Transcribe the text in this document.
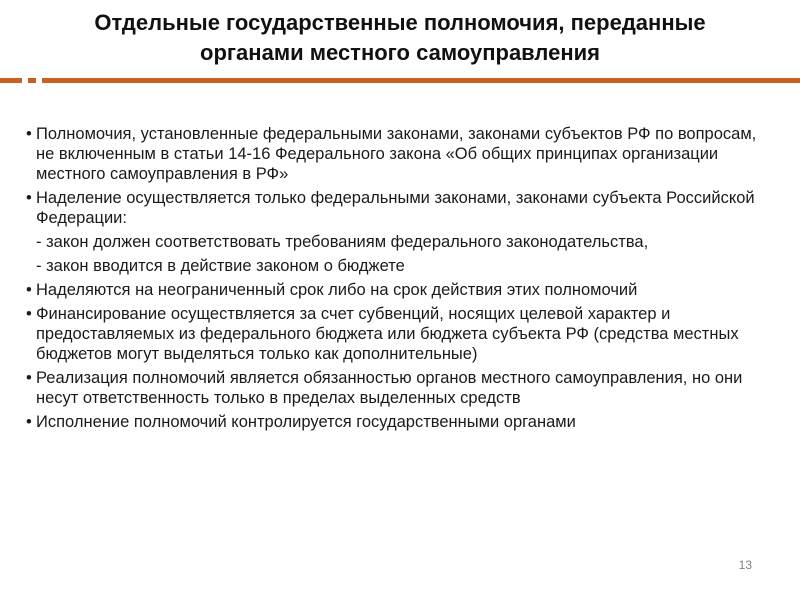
Отдельные государственные полномочия, переданные
органами местного самоуправления
• Полномочия, установленные федеральными законами, законами субъектов РФ по вопросам, не включенным в статьи 14-16 Федерального закона «Об общих принципах организации местного самоуправления в РФ»
• Наделение осуществляется только федеральными законами, законами субъекта Российской Федерации:
- закон должен соответствовать требованиям федерального законодательства,
- закон вводится в действие законом о бюджете
• Наделяются на неограниченный срок либо на срок действия этих полномочий
• Финансирование осуществляется за счет субвенций, носящих целевой характер и предоставляемых из федерального бюджета или бюджета субъекта РФ (средства местных бюджетов могут выделяться только как дополнительные)
• Реализация полномочий является обязанностью органов местного самоуправления, но они несут ответственность только в пределах выделенных средств
• Исполнение полномочий контролируется государственными органами
13
